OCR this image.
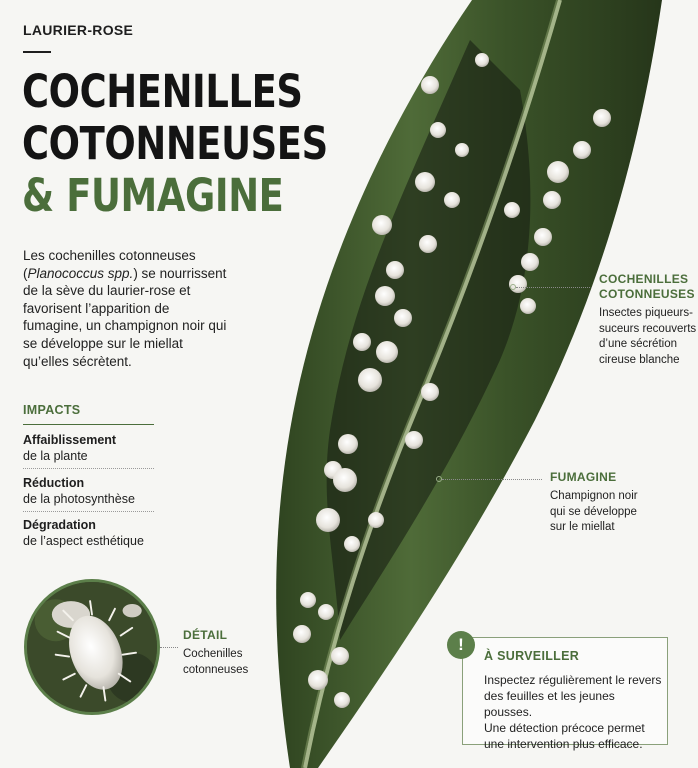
LAURIER-ROSE
COCHENILLES
COTONNEUSES
& FUMAGINE
Les cochenilles cotonneuses (Planococcus spp.) se nourrissent de la sève du laurier-rose et favorisent l’apparition de fumagine, un champignon noir qui se développe sur le miellat qu’elles sécrètent.
IMPACTS
Affaiblissement
de la plante
Réduction
de la photosynthèse
Dégradation
de l’aspect esthétique
DÉTAIL
Cochenilles
cotonneuses
COCHENILLES
COTONNEUSES
Insectes piqueurs-
suceurs recouverts
d’une sécrétion
cireuse blanche
FUMAGINE
Champignon noir
qui se développe
sur le miellat
!
À SURVEILLER
Inspectez régulièrement le revers
des feuilles et les jeunes pousses.
Une détection précoce permet
une intervention plus efficace.
